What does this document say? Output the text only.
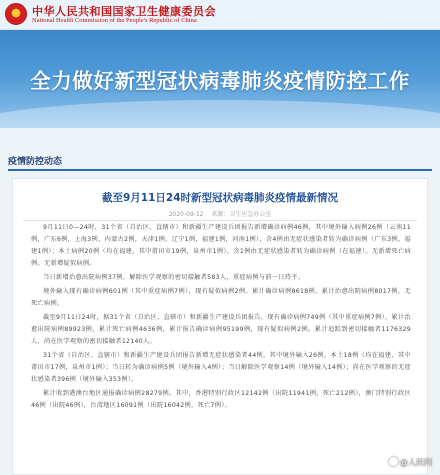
★	中华人民共和国国家卫生健康委员会
National Health Commission of the People's Republic of China
全力做好新型冠状病毒肺炎疫情防控工作
疫情防控动态
截至9月11日24时新型冠状病毒肺炎疫情最新情况
2020-09-12 来源：卫生应急办公室

9月11日0—24时，31个省（自治区、直辖市）和新疆生产建设兵团报告新增确诊病例46例，其中境外输入病例26例（云南11例，广东6例，上海3例，内蒙古2例，天津1例，辽宁1例，福建1例，河南1例），含4例由无症状感染者转为确诊病例（广东3例，福建1例）；本土病例20例（均在福建，其中莆田市19例，泉州市1例），含1例由无症状感染者转为确诊病例（在福建）。无新增死亡病例。无新增疑似病例。

当日新增治愈出院病例37例，解除医学观察的密切接触者583人，重症病例与前一日持平。

境外输入现有确诊病例601例（其中重症病例7例），现有疑似病例2例。累计确诊病例8618例，累计治愈出院病例8017例，无死亡病例。

截至9月11日24时，据31个省（自治区、直辖市）和新疆生产建设兵团报告，现有确诊病例749例（其中重症病例7例），累计治愈出院病例89923例，累计死亡病例4636例，累计报告确诊病例95199例，现有疑似病例2例。累计追踪到密切接触者1176329人，尚在医学观察的密切接触者12140人。

31个省（自治区、直辖市）和新疆生产建设兵团报告新增无症状感染者44例，其中境外输入26例，本土18例（均在福建，其中莆田市17例，泉州市1例）；当日转为确诊病例5例（境外输入4例）；当日解除医学观察14例（境外输入14例）；尚在医学观察的无症状感染者396例（境外输入353例）。

累计收到港澳台地区通报确诊病例28279例。其中，香港特别行政区12142例（出院11941例，死亡212例），澳门特别行政区46例（出院46例），台湾地区16091例（出院16042例，死亡7例）。

@人民网
